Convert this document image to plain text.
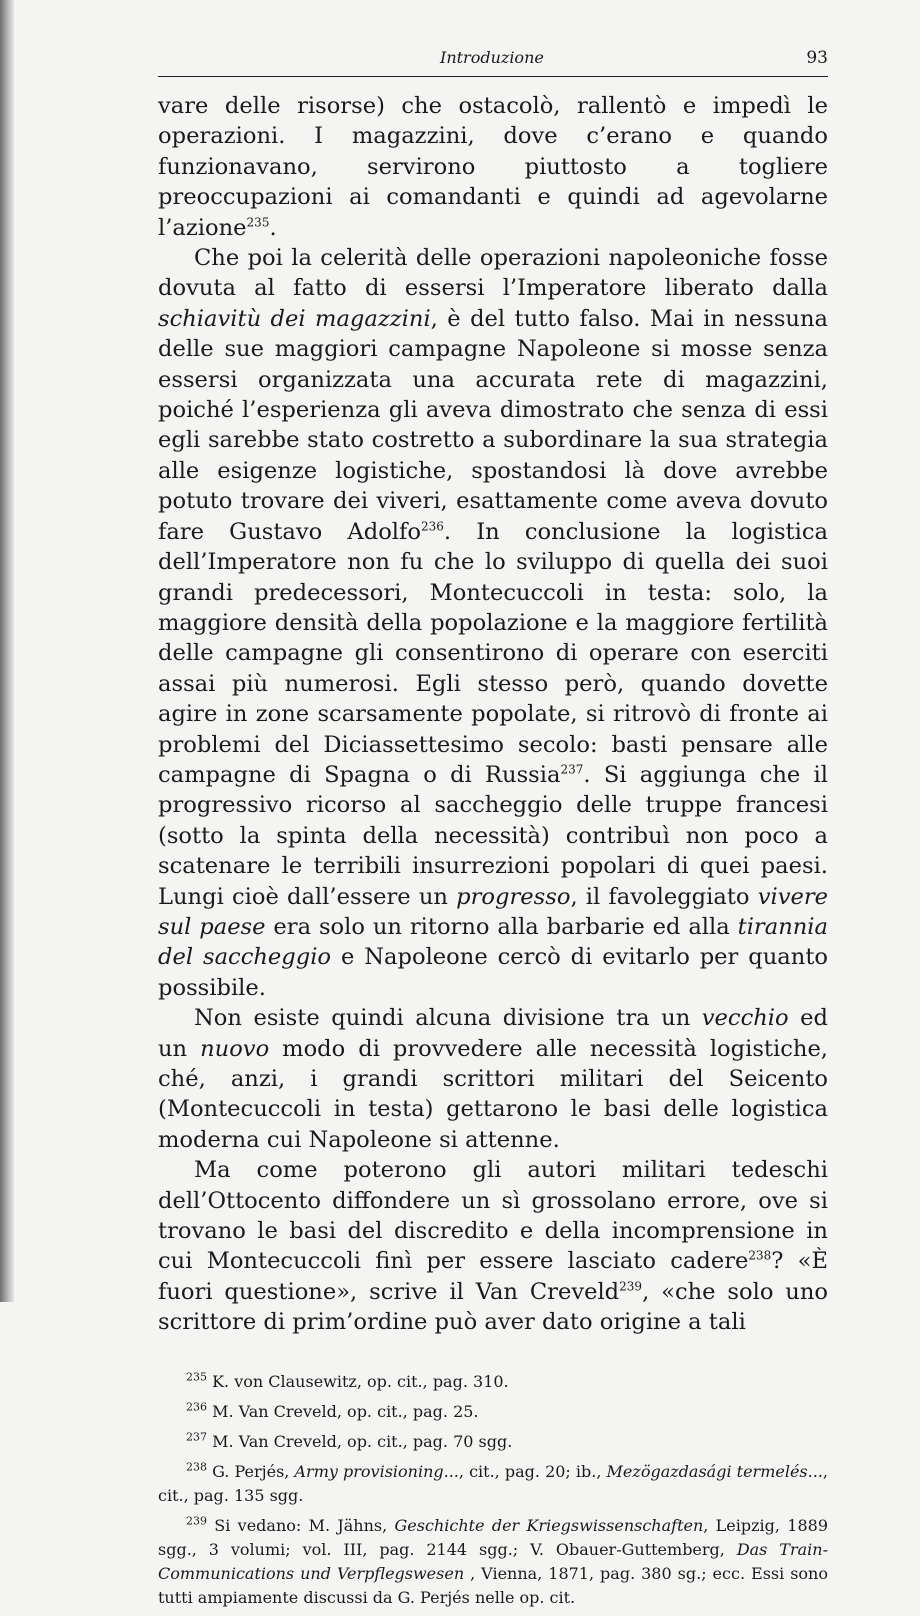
Introduzione	93

vare delle risorse) che ostacolò, rallentò e impedì le operazioni. I magazzini, dove c’erano e quando funzionavano, servirono piuttosto a togliere preoccupazioni ai comandanti e quindi ad agevolarne l’azione$^{235}$.

Che poi la celerità delle operazioni napoleoniche fosse dovuta al fatto di essersi l’Imperatore liberato dalla schiavitù dei magazzini, è del tutto falso. Mai in nessuna delle sue maggiori campagne Napoleone si mosse senza essersi organizzata una accurata rete di magazzini, poiché l’esperienza gli aveva dimostrato che senza di essi egli sarebbe stato costretto a subordinare la sua strategia alle esigenze logistiche, spostandosi là dove avrebbe potuto trovare dei viveri, esattamente come aveva dovuto fare Gustavo Adolfo$^{236}$. In conclusione la logistica dell’Imperatore non fu che lo sviluppo di quella dei suoi grandi predecessori, Montecuccoli in testa: solo, la maggiore densità della popolazione e la maggiore fertilità delle campagne gli consentirono di operare con eserciti assai più numerosi. Egli stesso però, quando dovette agire in zone scarsamente popolate, si ritrovò di fronte ai problemi del Diciassettesimo secolo: basti pensare alle campagne di Spagna o di Russia$^{237}$. Si aggiunga che il progressivo ricorso al saccheggio delle truppe francesi (sotto la spinta della necessità) contribuì non poco a scatenare le terribili insurrezioni popolari di quei paesi. Lungi cioè dall’essere un progresso, il favoleggiato vivere sul paese era solo un ritorno alla barbarie ed alla tirannia del saccheggio e Napoleone cercò di evitarlo per quanto possibile.

Non esiste quindi alcuna divisione tra un vecchio ed un nuovo modo di provvedere alle necessità logistiche, ché, anzi, i grandi scrittori militari del Seicento (Montecuccoli in testa) gettarono le basi delle logistica moderna cui Napoleone si attenne.

Ma come poterono gli autori militari tedeschi dell’Ottocento diffondere un sì grossolano errore, ove si trovano le basi del discredito e della incomprensione in cui Montecuccoli finì per essere lasciato cadere$^{238}$? «È fuori questione», scrive il Van Creveld$^{239}$, «che solo uno scrittore di prim’ordine può aver dato origine a tali

$^{235}$ K. von Clausewitz, op. cit., pag. 310.

$^{236}$ M. Van Creveld, op. cit., pag. 25.

$^{237}$ M. Van Creveld, op. cit., pag. 70 sgg.

$^{238}$ G. Perjés, Army provisioning..., cit., pag. 20; ib., Mezögazdasági termelés..., cit., pag. 135 sgg.

$^{239}$ Si vedano: M. Jähns, Geschichte der Kriegswissenschaften, Leipzig, 1889 sgg., 3 volumi; vol. III, pag. 2144 sgg.; V. Obauer-Guttemberg, Das Train-Communications und Verpflegswesen , Vienna, 1871, pag. 380 sg.; ecc. Essi sono tutti ampiamente discussi da G. Perjés nelle op. cit.
